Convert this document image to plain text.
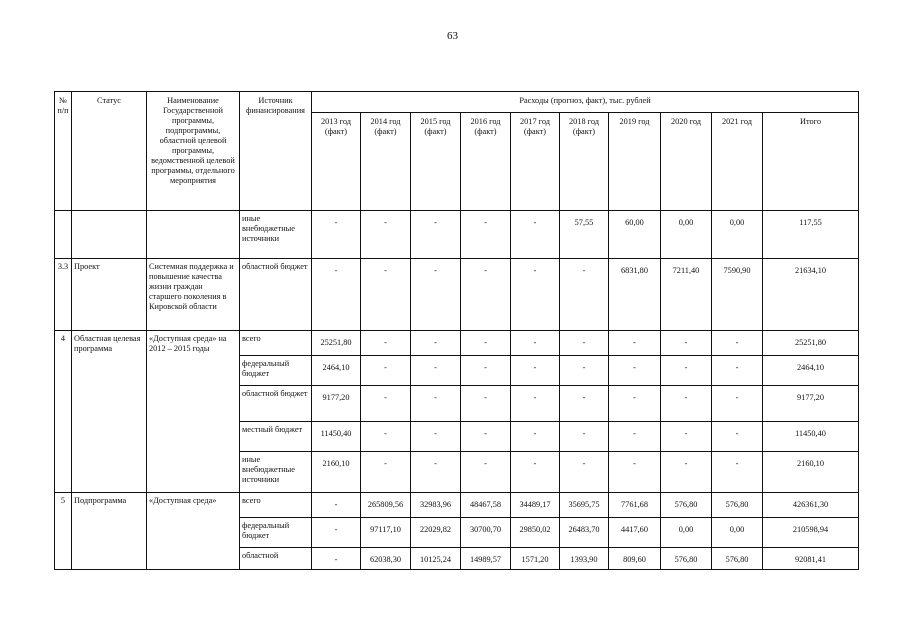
63
№ п/п	Статус	Наименование Государственной программы, подпрограммы, областной целевой программы, ведомственной целевой программы, отдельного мероприятия	Источник финансирования	Расходы (прогноз, факт), тыс. рублей									
				2013 год (факт)	2014 год (факт)	2015 год (факт)	2016 год (факт)	2017 год (факт)	2018 год (факт)	2019 год	2020 год	2021 год	Итого
			иные внебюджетные источники	-	-	-	-	-	57,55	60,00	0,00	0,00	117,55
3.3	Проект	Системная поддержка и повышение качества жизни граждан старшего поколения в Кировской области	областной бюджет	-	-	-	-	-	-	6831,80	7211,40	7590,90	21634,10
4	Областная целевая программа	«Доступная среда» на 2012 – 2015 годы	всего	25251,80	-	-	-	-	-	-	-	-	25251,80
			федеральный бюджет	2464,10	-	-	-	-	-	-	-	-	2464,10
			областной бюджет	9177,20	-	-	-	-	-	-	-	-	9177,20
			местный бюджет	11450,40	-	-	-	-	-	-	-	-	11450,40
			иные внебюджетные источники	2160,10	-	-	-	-	-	-	-	-	2160,10
5	Подпрограмма	«Доступная среда»	всего	-	265809,56	32983,96	48467,58	34489,17	35695,75	7761,68	576,80	576,80	426361,30
			федеральный бюджет	-	97117,10	22029,82	30700,70	29850,02	26483,70	4417,60	0,00	0,00	210598,94
			областной	-	62038,30	10125,24	14989,57	1571,20	1393,90	809,60	576,80	576,80	92081,41
